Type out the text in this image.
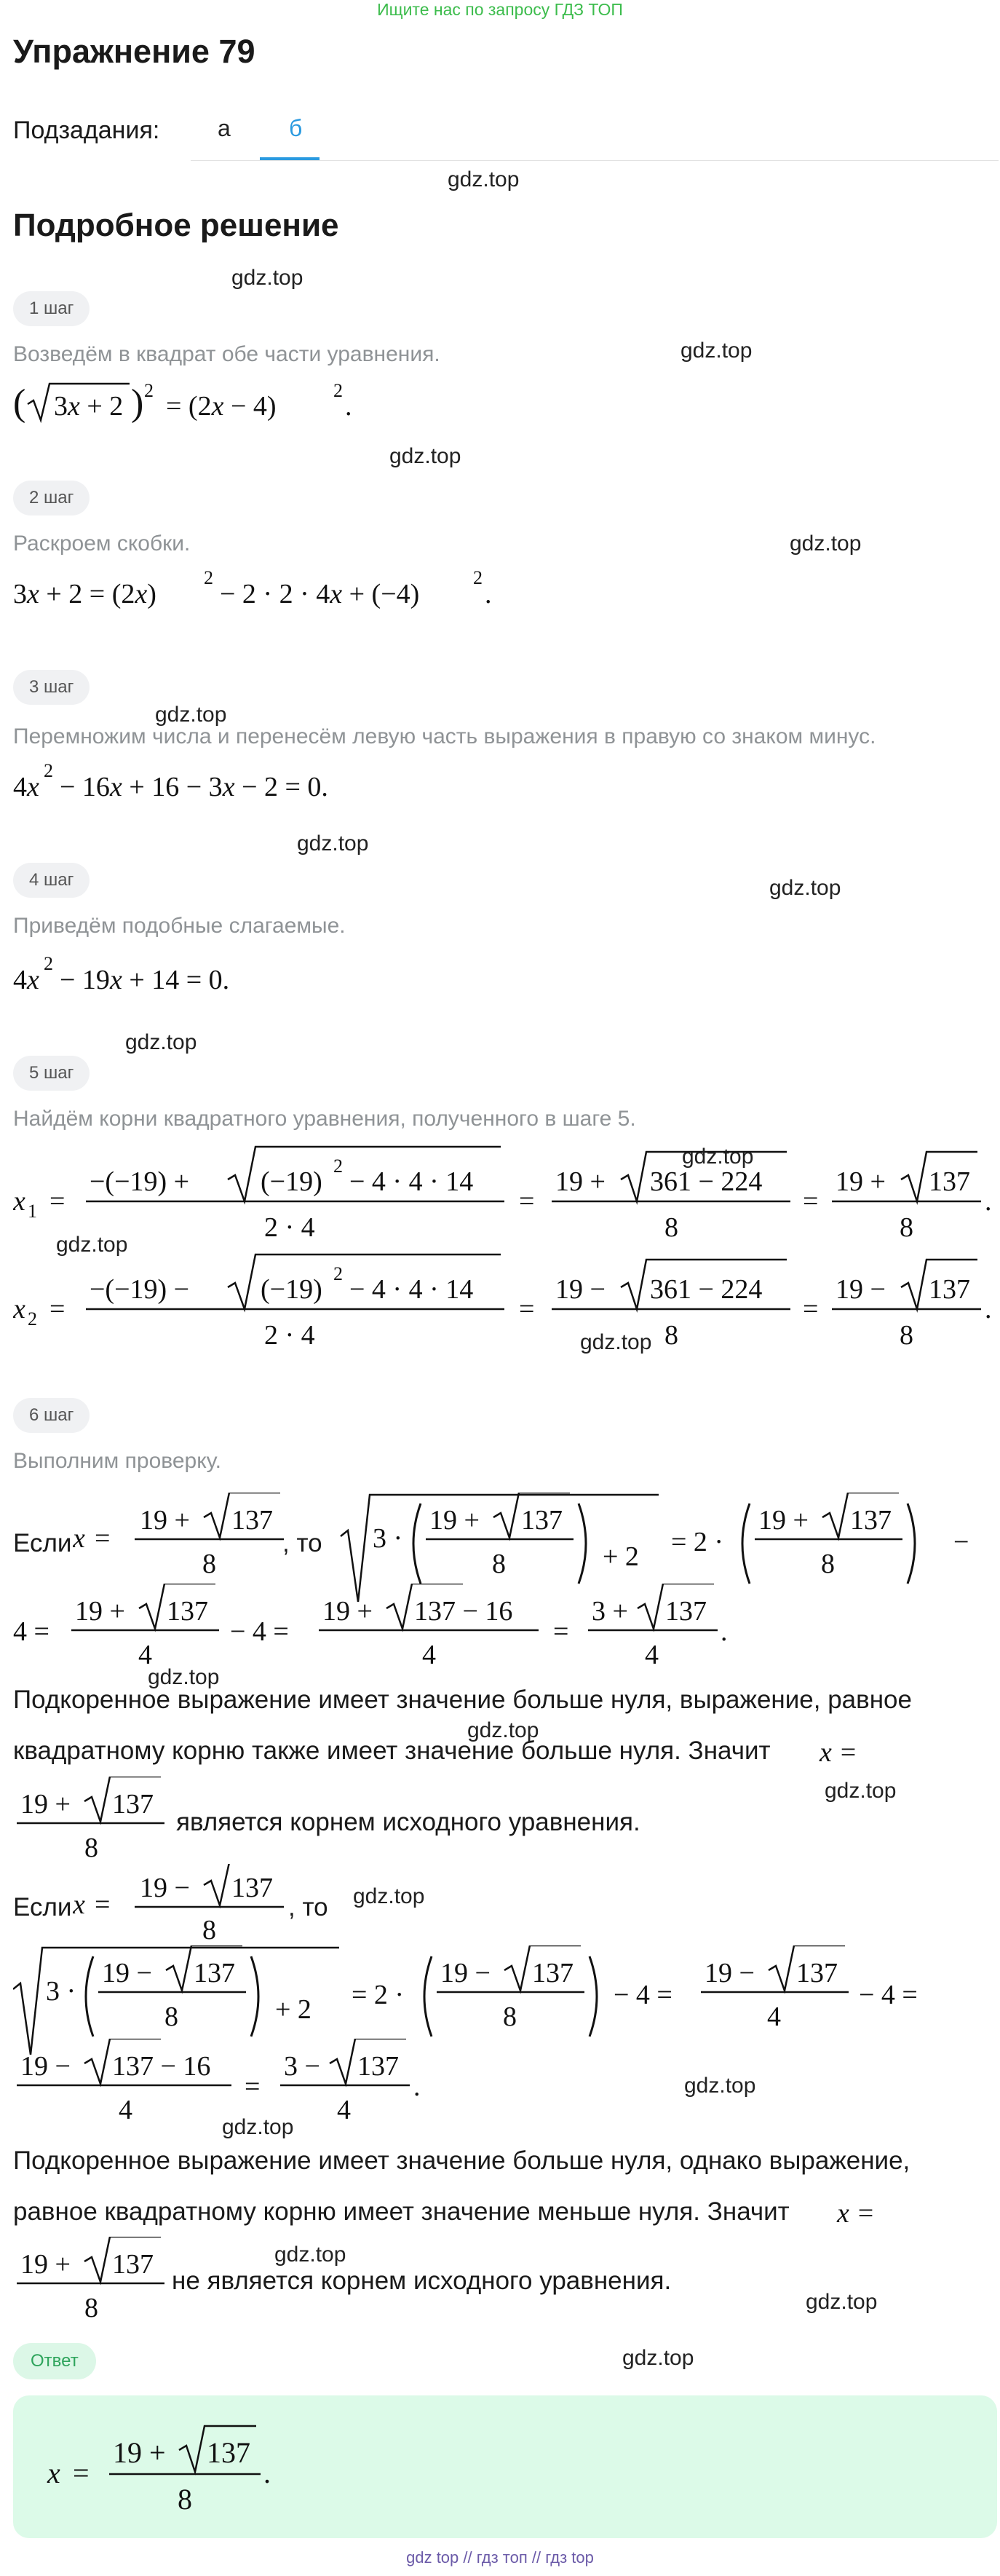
Ищите нас по запросу ГДЗ ТОП
Упражнение 79
Подзадания:	а	б
Подробное решение
1 шаг
Возведём в квадрат обе части уравнения.
( 3x + 2 ) 2
= (2x − 4)
2
.
2 шаг
Раскроем скобки.
3x + 2 = (2x)
2
− 2 · 2 · 4x + (−4)
2
.
3 шаг
Перемножим числа и перенесём левую часть выражения в правую со знаком минус.
4x
2
− 16x + 16 − 3x − 2 = 0.
4 шаг
Приведём подобные слагаемые.
4x
2
− 19x + 14 = 0.
5 шаг
Найдём корни квадратного уравнения, полученного в шаге 5.
x 1 =
−(−19) +	(−19)
2
− 4 · 4 · 14
2 · 4
=
19 + 361 − 224
8
=
19 + 137
8
.
x 2 =
−(−19) −	(−19)
2
− 4 · 4 · 14
2 · 4
=
19 − 361 − 224
8
=
19 − 137
8
.
6 шаг
Выполним проверку.
Если x =
19 + 137
8
3 ·
19 + 137
8	+ 2 = 2 ·
19 + 137
8
−
, то
4 =
19 + 137
4
− 4 =
19 + 137 − 16
4
=
3 + 137
4
.
Подкоренное выражение имеет значение больше нуля, выражение, равное
квадратному корню также имеет значение больше нуля. Значит x =
19 + 137
8
является корнем исходного уравнения.
Если x =
19 − 137
8
, то
3 ·
19 − 137
8	+ 2 = 2 ·
19 − 137
8
− 4 =
19 − 137
4
− 4 =
19 − 137 − 16
4
=
3 − 137
4
.
Подкоренное выражение имеет значение больше нуля, однако выражение,
равное квадратному корню имеет значение меньше нуля. Значит x =
19 + 137
8
не является корнем исходного уравнения.
Ответ
x =
19 + 137
8
.
gdz.top
gdz.top
gdz.top
gdz.top
gdz.top
gdz.top
gdz.top
gdz.top
gdz.top
gdz.top
gdz.top
gdz.top
gdz.top
gdz.top
gdz.top
gdz.top
gdz.top
gdz.top
gdz.top
gdz.top
gdz.top
gdz top // гдз топ // гдз top
